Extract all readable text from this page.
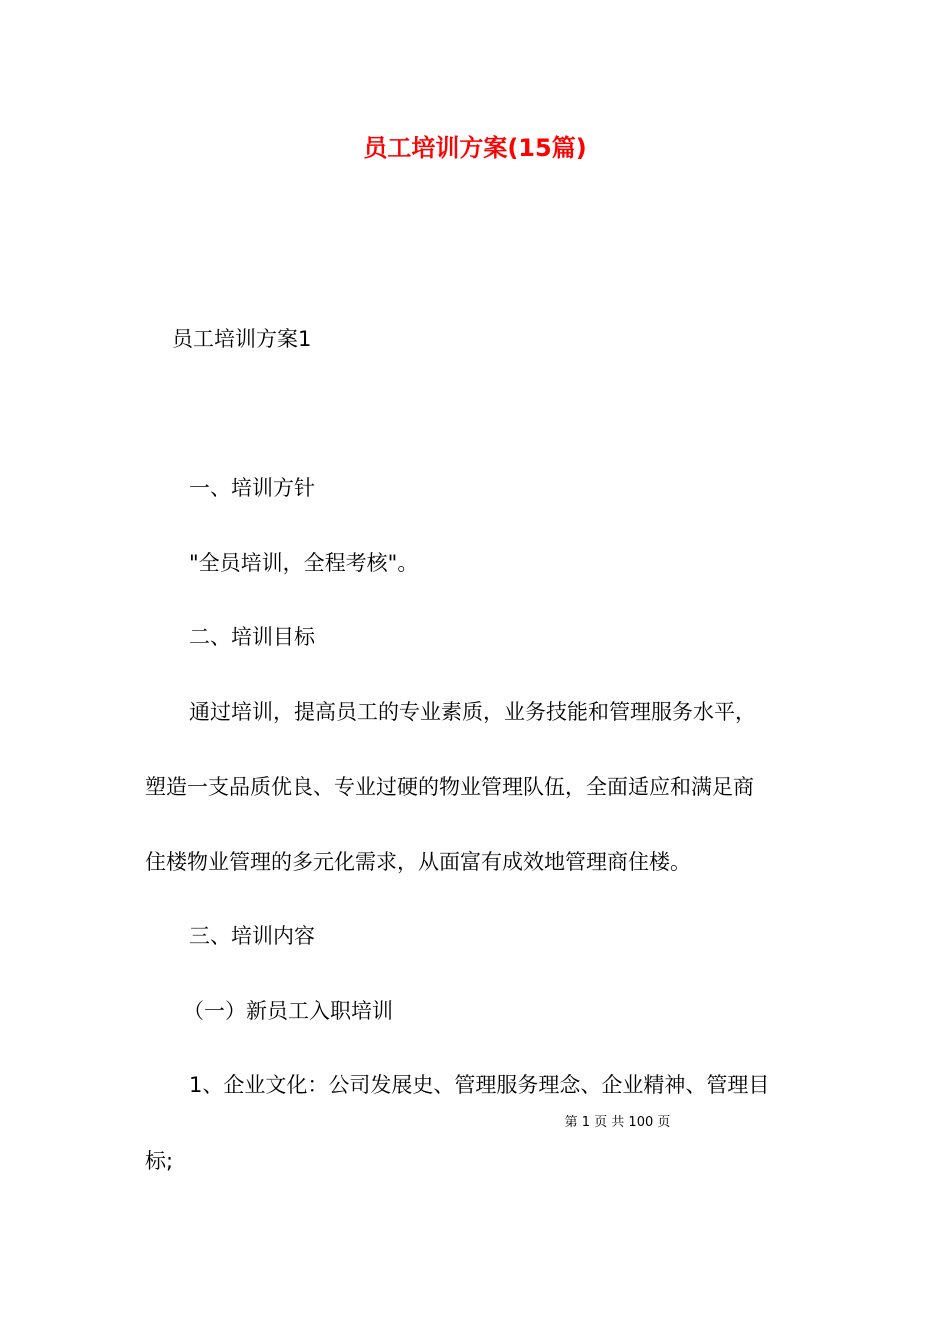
员工培训方案(15篇)
员工培训方案1
一、培训方针
"全员培训，全程考核"。
二、培训目标
通过培训，提高员工的专业素质，业务技能和管理服务水平，
塑造一支品质优良、专业过硬的物业管理队伍，全面适应和满足商
住楼物业管理的多元化需求，从面富有成效地管理商住楼。
三、培训内容
（一）新员工入职培训
1、企业文化：公司发展史、管理服务理念、企业精神、管理目
第 1 页 共 100 页
标;
